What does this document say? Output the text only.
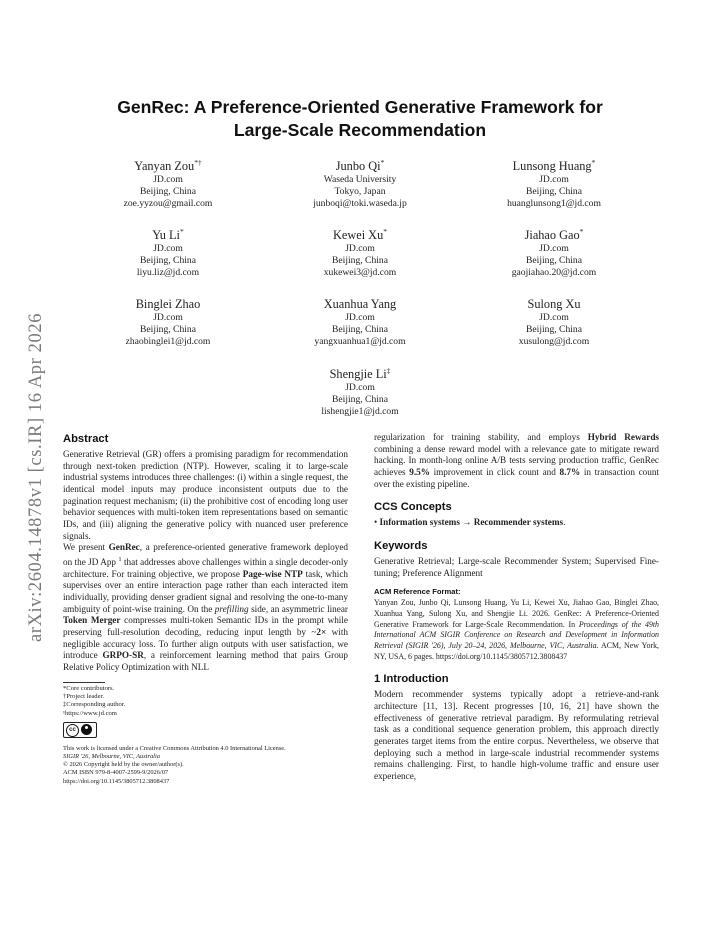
arXiv:2604.14878v1 [cs.IR] 16 Apr 2026
GenRec: A Preference-Oriented Generative Framework for
Large-Scale Recommendation
Yanyan Zou*†
JD.com
Beijing, China
zoe.yyzou@gmail.com
Junbo Qi*
Waseda University
Tokyo, Japan
junboqi@toki.waseda.jp
Lunsong Huang*
JD.com
Beijing, China
huanglunsong1@jd.com
Yu Li*
JD.com
Beijing, China
liyu.liz@jd.com
Kewei Xu*
JD.com
Beijing, China
xukewei3@jd.com
Jiahao Gao*
JD.com
Beijing, China
gaojiahao.20@jd.com
Binglei Zhao
JD.com
Beijing, China
zhaobinglei1@jd.com
Xuanhua Yang
JD.com
Beijing, China
yangxuanhua1@jd.com
Sulong Xu
JD.com
Beijing, China
xusulong@jd.com
Shengjie Li‡
JD.com
Beijing, China
lishengjie1@jd.com
Abstract

Generative Retrieval (GR) offers a promising paradigm for recommendation through next-token prediction (NTP). However, scaling it to large-scale industrial systems introduces three challenges: (i) within a single request, the identical model inputs may produce inconsistent outputs due to the pagination request mechanism; (ii) the prohibitive cost of encoding long user behavior sequences with multi-token item representations based on semantic IDs, and (iii) aligning the generative policy with nuanced user preference signals.

We present GenRec, a preference-oriented generative framework deployed on the JD App $^1$ that addresses above challenges within a single decoder-only architecture. For training objective, we propose Page-wise NTP task, which supervises over an entire interaction page rather than each interacted item individually, providing denser gradient signal and resolving the one-to-many ambiguity of point-wise training. On the prefilling side, an asymmetric linear Token Merger compresses multi-token Semantic IDs in the prompt while preserving full-resolution decoding, reducing input length by ~2× with negligible accuracy loss. To further align outputs with user satisfaction, we introduce GRPO-SR, a reinforcement learning method that pairs Group Relative Policy Optimization with NLL

*Core contributors.
†Project leader.
‡Corresponding author.
¹https://www.jd.com
cc
This work is licensed under a Creative Commons Attribution 4.0 International License.
SIGIR '26, Melbourne, VIC, Australia
© 2026 Copyright held by the owner/author(s).
ACM ISBN 979-8-4007-2599-9/2026/07
https://doi.org/10.1145/3805712.3808437

regularization for training stability, and employs Hybrid Rewards combining a dense reward model with a relevance gate to mitigate reward hacking. In month-long online A/B tests serving production traffic, GenRec achieves 9.5% improvement in click count and 8.7% in transaction count over the existing pipeline.

CCS Concepts

• Information systems → Recommender systems.

Keywords

Generative Retrieval; Large-scale Recommender System; Supervised Fine-tuning; Preference Alignment

ACM Reference Format:

Yanyan Zou, Junbo Qi, Lunsong Huang, Yu Li, Kewei Xu, Jiahao Gao, Binglei Zhao, Xuanhua Yang, Sulong Xu, and Shengjie Li. 2026. GenRec: A Preference-Oriented Generative Framework for Large-Scale Recommendation. In Proceedings of the 49th International ACM SIGIR Conference on Research and Development in Information Retrieval (SIGIR '26), July 20–24, 2026, Melbourne, VIC, Australia. ACM, New York, NY, USA, 6 pages. https://doi.org/10.1145/3805712.3808437

1 Introduction

Modern recommender systems typically adopt a retrieve-and-rank architecture [11, 13]. Recent progresses [10, 16, 21] have shown the effectiveness of generative retrieval paradigm. By reformulating retrieval task as a conditional sequence generation problem, this approach directly generates target items from the entire corpus. Nevertheless, we observe that deploying such a method in large-scale industrial recommender systems remains challenging. First, to handle high-volume traffic and ensure user experience,
